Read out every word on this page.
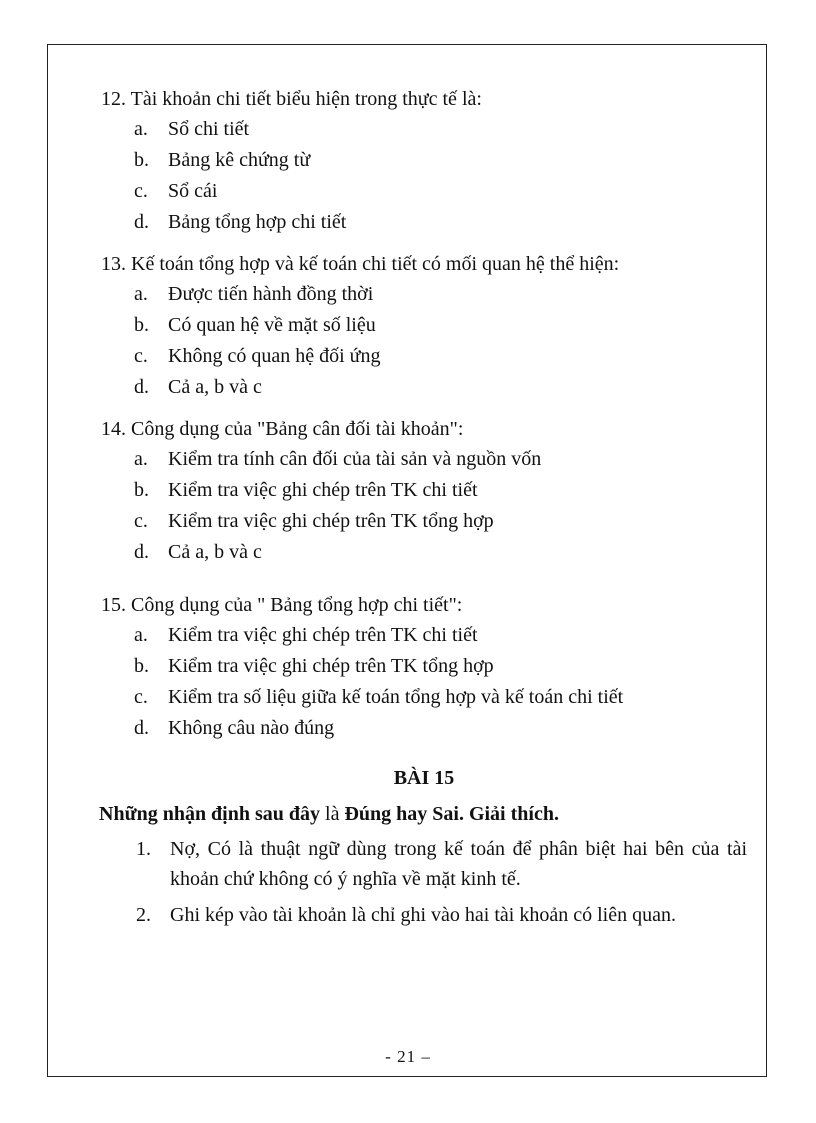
12. Tài khoản chi tiết biểu hiện trong thực tế là:
a.	Sổ chi tiết
b. Bảng kê chứng từ
c.	Sổ cái
d. Bảng tổng hợp chi tiết
13. Kế toán tổng hợp và kế toán chi tiết có mối quan hệ thể hiện:
a.	Được tiến hành đồng thời
b. Có quan hệ về mặt số liệu
c.	Không có quan hệ đối ứng
d. Cả a, b và c
14. Công dụng của "Bảng cân đối tài khoản":
a.	Kiểm tra tính cân đối của tài sản và nguồn vốn
b. Kiểm tra việc ghi chép trên TK chi tiết
c.	Kiểm tra việc ghi chép trên TK tổng hợp
d. Cả a, b và c
15. Công dụng của " Bảng tổng hợp chi tiết":
a.	Kiểm tra việc ghi chép trên TK chi tiết
b. Kiểm tra việc ghi chép trên TK tổng hợp
c.	Kiểm tra số liệu giữa kế toán tổng hợp và kế toán chi tiết
d. Không câu nào đúng
BÀI 15
Những nhận định sau đây là Đúng hay Sai. Giải thích.
1. Nợ, Có là thuật ngữ dùng trong kế toán để phân biệt hai bên của tài khoản chứ không có ý nghĩa về mặt kinh tế.
2. Ghi kép vào tài khoản là chỉ ghi vào hai tài khoản có liên quan.
- 21 –
